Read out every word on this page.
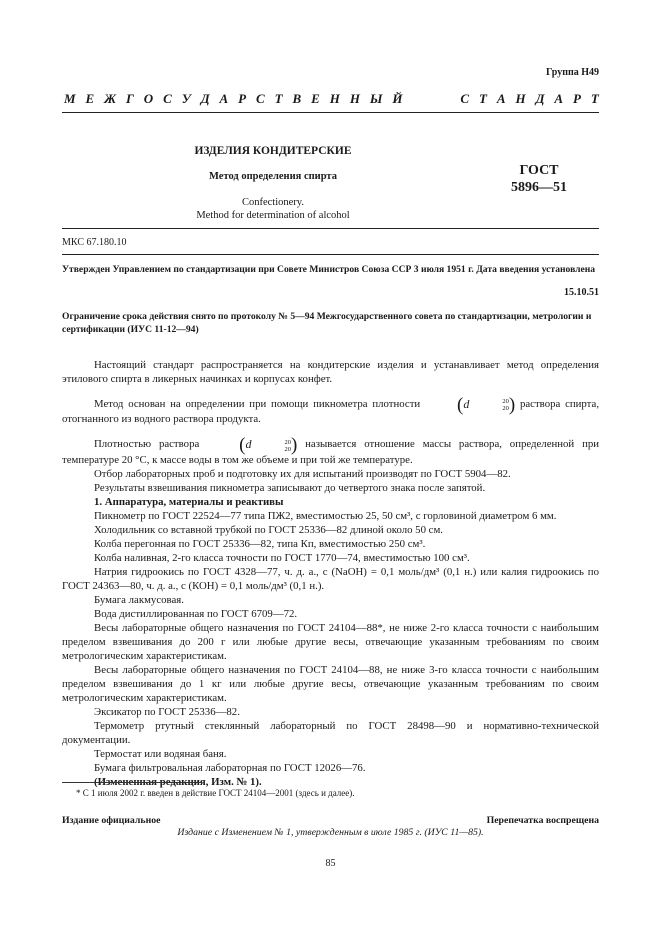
Группа Н49
М Е Ж Г О С У Д А Р С Т В Е Н Н Ы Й	С Т А Н Д А Р Т
ИЗДЕЛИЯ КОНДИТЕРСКИЕ
Метод определения спирта
Confectionery.
Method for determination of alcohol
ГОСТ
5896—51
МКС 67.180.10
Утвержден Управлением по стандартизации при Совете Министров Союза ССР 3 июля 1951 г. Дата введения установлена
15.10.51
Ограничение срока действия снято по протоколу № 5—94 Межгосударственного совета по стандартизации, метрологии и сертификации (ИУС 11-12—94)

Настоящий стандарт распространяется на кондитерские изделия и устанавливает метод определения этилового спирта в ликерных начинках и корпусах конфет.

Метод основан на определении при помощи пикнометра плотности (d	20
20 ) раствора спирта, отогнанного из водного раствора продукта.

Плотностью раствора (d	20
20 ) называется отношение массы раствора, определенной при температуре 20 °С, к массе воды в том же объеме и при той же температуре.

Отбор лабораторных проб и подготовку их для испытаний производят по ГОСТ 5904—82.

Результаты взвешивания пикнометра записывают до четвертого знака после запятой.

1. Аппаратура, материалы и реактивы

Пикнометр по ГОСТ 22524—77 типа ПЖ2, вместимостью 25, 50 см³, с горловиной диаметром 6 мм.

Холодильник со вставной трубкой по ГОСТ 25336—82 длиной около 50 см.

Колба перегонная по ГОСТ 25336—82, типа Кп, вместимостью 250 см³.

Колба наливная, 2-го класса точности по ГОСТ 1770—74, вместимостью 100 см³.

Натрия гидроокись по ГОСТ 4328—77, ч. д. а., с (NaOH) = 0,1 моль/дм³ (0,1 н.) или калия гидроокись по ГОСТ 24363—80, ч. д. а., с (КОН) = 0,1 моль/дм³ (0,1 н.).

Бумага лакмусовая.

Вода дистиллированная по ГОСТ 6709—72.

Весы лабораторные общего назначения по ГОСТ 24104—88*, не ниже 2-го класса точности с наибольшим пределом взвешивания до 200 г или любые другие весы, отвечающие указанным требованиям по своим метрологическим характеристикам.

Весы лабораторные общего назначения по ГОСТ 24104—88, не ниже 3-го класса точности с наибольшим пределом взвешивания до 1 кг или любые другие весы, отвечающие указанным требованиям по своим метрологическим характеристикам.

Эксикатор по ГОСТ 25336—82.

Термометр ртутный стеклянный лабораторный по ГОСТ 28498—90 и нормативно-технической документации.

Термостат или водяная баня.

Бумага фильтровальная лабораторная по ГОСТ 12026—76.

(Измененная редакция, Изм. № 1).

* С 1 июля 2002 г. введен в действие ГОСТ 24104—2001 (здесь и далее).
Издание официальное	Перепечатка воспрещена
Издание с Изменением № 1, утвержденным в июле 1985 г. (ИУС 11—85).
85
